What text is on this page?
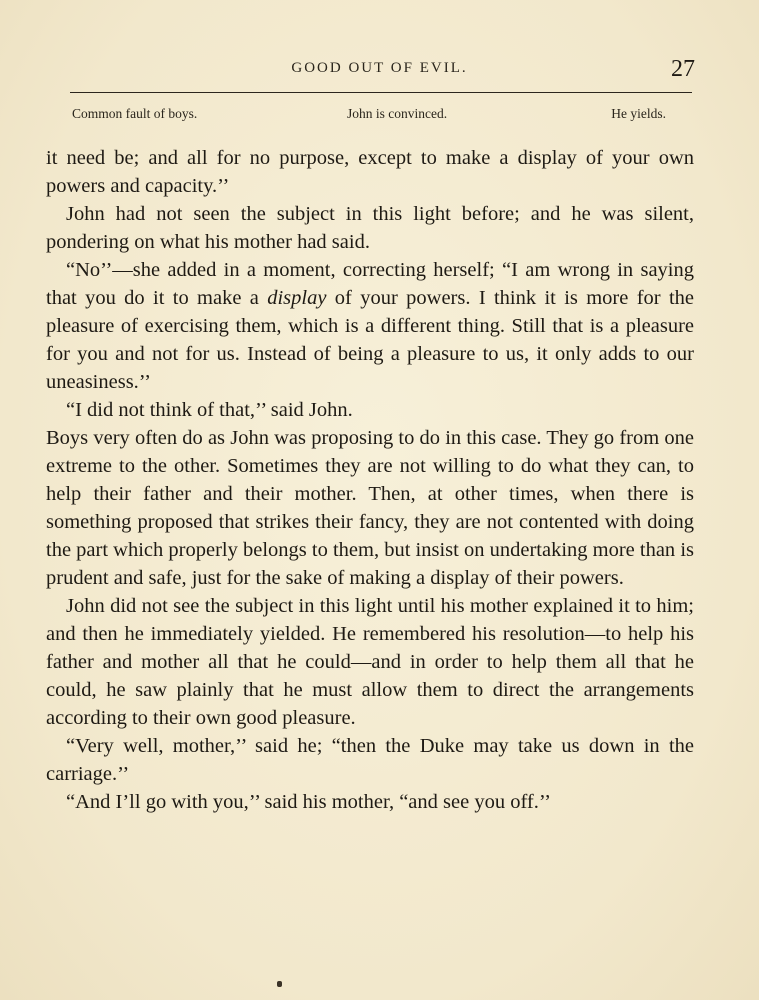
GOOD OUT OF EVIL.	27
Common fault of boys.	John is convinced.	He yields.

it need be; and all for no purpose, except to make a display of your own powers and capacity.’’

John had not seen the subject in this light before; and he was silent, pondering on what his mother had said.

“No’’—she added in a moment, correcting herself; “I am wrong in saying that you do it to make a display of your powers. I think it is more for the pleasure of exercising them, which is a different thing. Still that is a pleasure for you and not for us. Instead of being a pleasure to us, it only adds to our uneasiness.’’

“I did not think of that,’’ said John.

Boys very often do as John was proposing to do in this case. They go from one extreme to the other. Sometimes they are not willing to do what they can, to help their father and their mother. Then, at other times, when there is something proposed that strikes their fancy, they are not contented with doing the part which properly belongs to them, but insist on undertaking more than is prudent and safe, just for the sake of making a display of their powers.

John did not see the subject in this light until his mother explained it to him; and then he immediately yielded. He remembered his resolution—to help his father and mother all that he could—and in order to help them all that he could, he saw plainly that he must allow them to direct the arrangements according to their own good pleasure.

“Very well, mother,’’ said he; “then the Duke may take us down in the carriage.’’

“And I’ll go with you,’’ said his mother, “and see you off.’’
